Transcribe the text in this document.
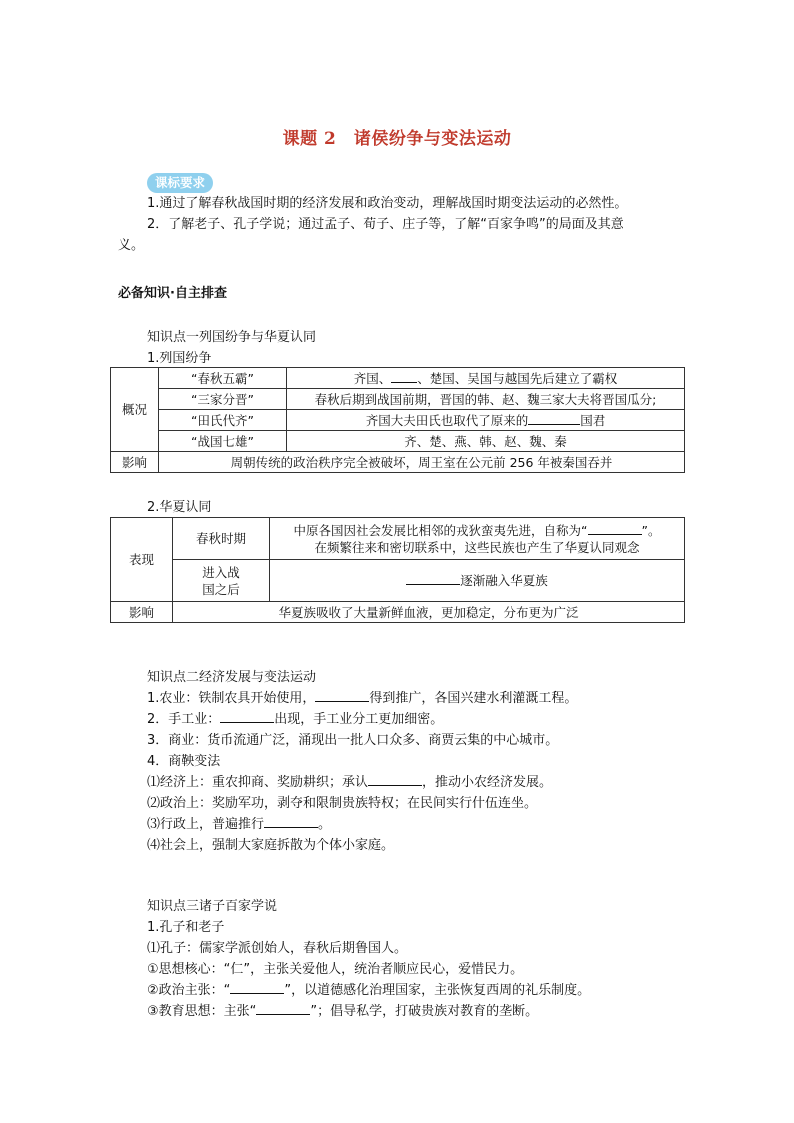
课题 2　诸侯纷争与变法运动
课标要求
1.通过了解春秋战国时期的经济发展和政治变动，理解战国时期变法运动的必然性。
2．了解老子、孔子学说；通过孟子、荀子、庄子等，了解“百家争鸣”的局面及其意
义。
必备知识·自主排查
知识点一列国纷争与华夏认同
1.列国纷争
概况	“春秋五霸”	齐国、 、楚国、吴国与越国先后建立了霸权
	“三家分晋”	春秋后期到战国前期，晋国的韩、赵、魏三家大夫将晋国瓜分;
	“田氏代齐”	齐国大夫田氏也取代了原来的 国君
	“战国七雄”	齐、楚、燕、韩、赵、魏、秦
影响	周朝传统的政治秩序完全被破坏，周王室在公元前 256 年被秦国吞并	
2.华夏认同
表现	春秋时期	中原各国因社会发展比相邻的戎狄蛮夷先进，自称为“ ”。
在频繁往来和密切联系中，这些民族也产生了华夏认同观念

	进入战
国之后	逐渐融入华夏族
影响	华夏族吸收了大量新鲜血液，更加稳定，分布更为广泛	
知识点二经济发展与变法运动
1.农业：铁制农具开始使用，	得到推广，各国兴建水利灌溉工程。
2．手工业：	出现，手工业分工更加细密。
3．商业：货币流通广泛，涌现出一批人口众多、商贾云集的中心城市。
4．商鞅变法
⑴经济上：重农抑商、奖励耕织；承认	，推动小农经济发展。
⑵政治上：奖励军功，剥夺和限制贵族特权；在民间实行什伍连坐。
⑶行政上，普遍推行	。
⑷社会上，强制大家庭拆散为个体小家庭。
知识点三诸子百家学说
1.孔子和老子
⑴孔子：儒家学派创始人，春秋后期鲁国人。
①思想核心：“仁”，主张关爱他人，统治者顺应民心，爱惜民力。
②政治主张：“	”，以道德感化治理国家，主张恢复西周的礼乐制度。
③教育思想：主张“	”；倡导私学，打破贵族对教育的垄断。
